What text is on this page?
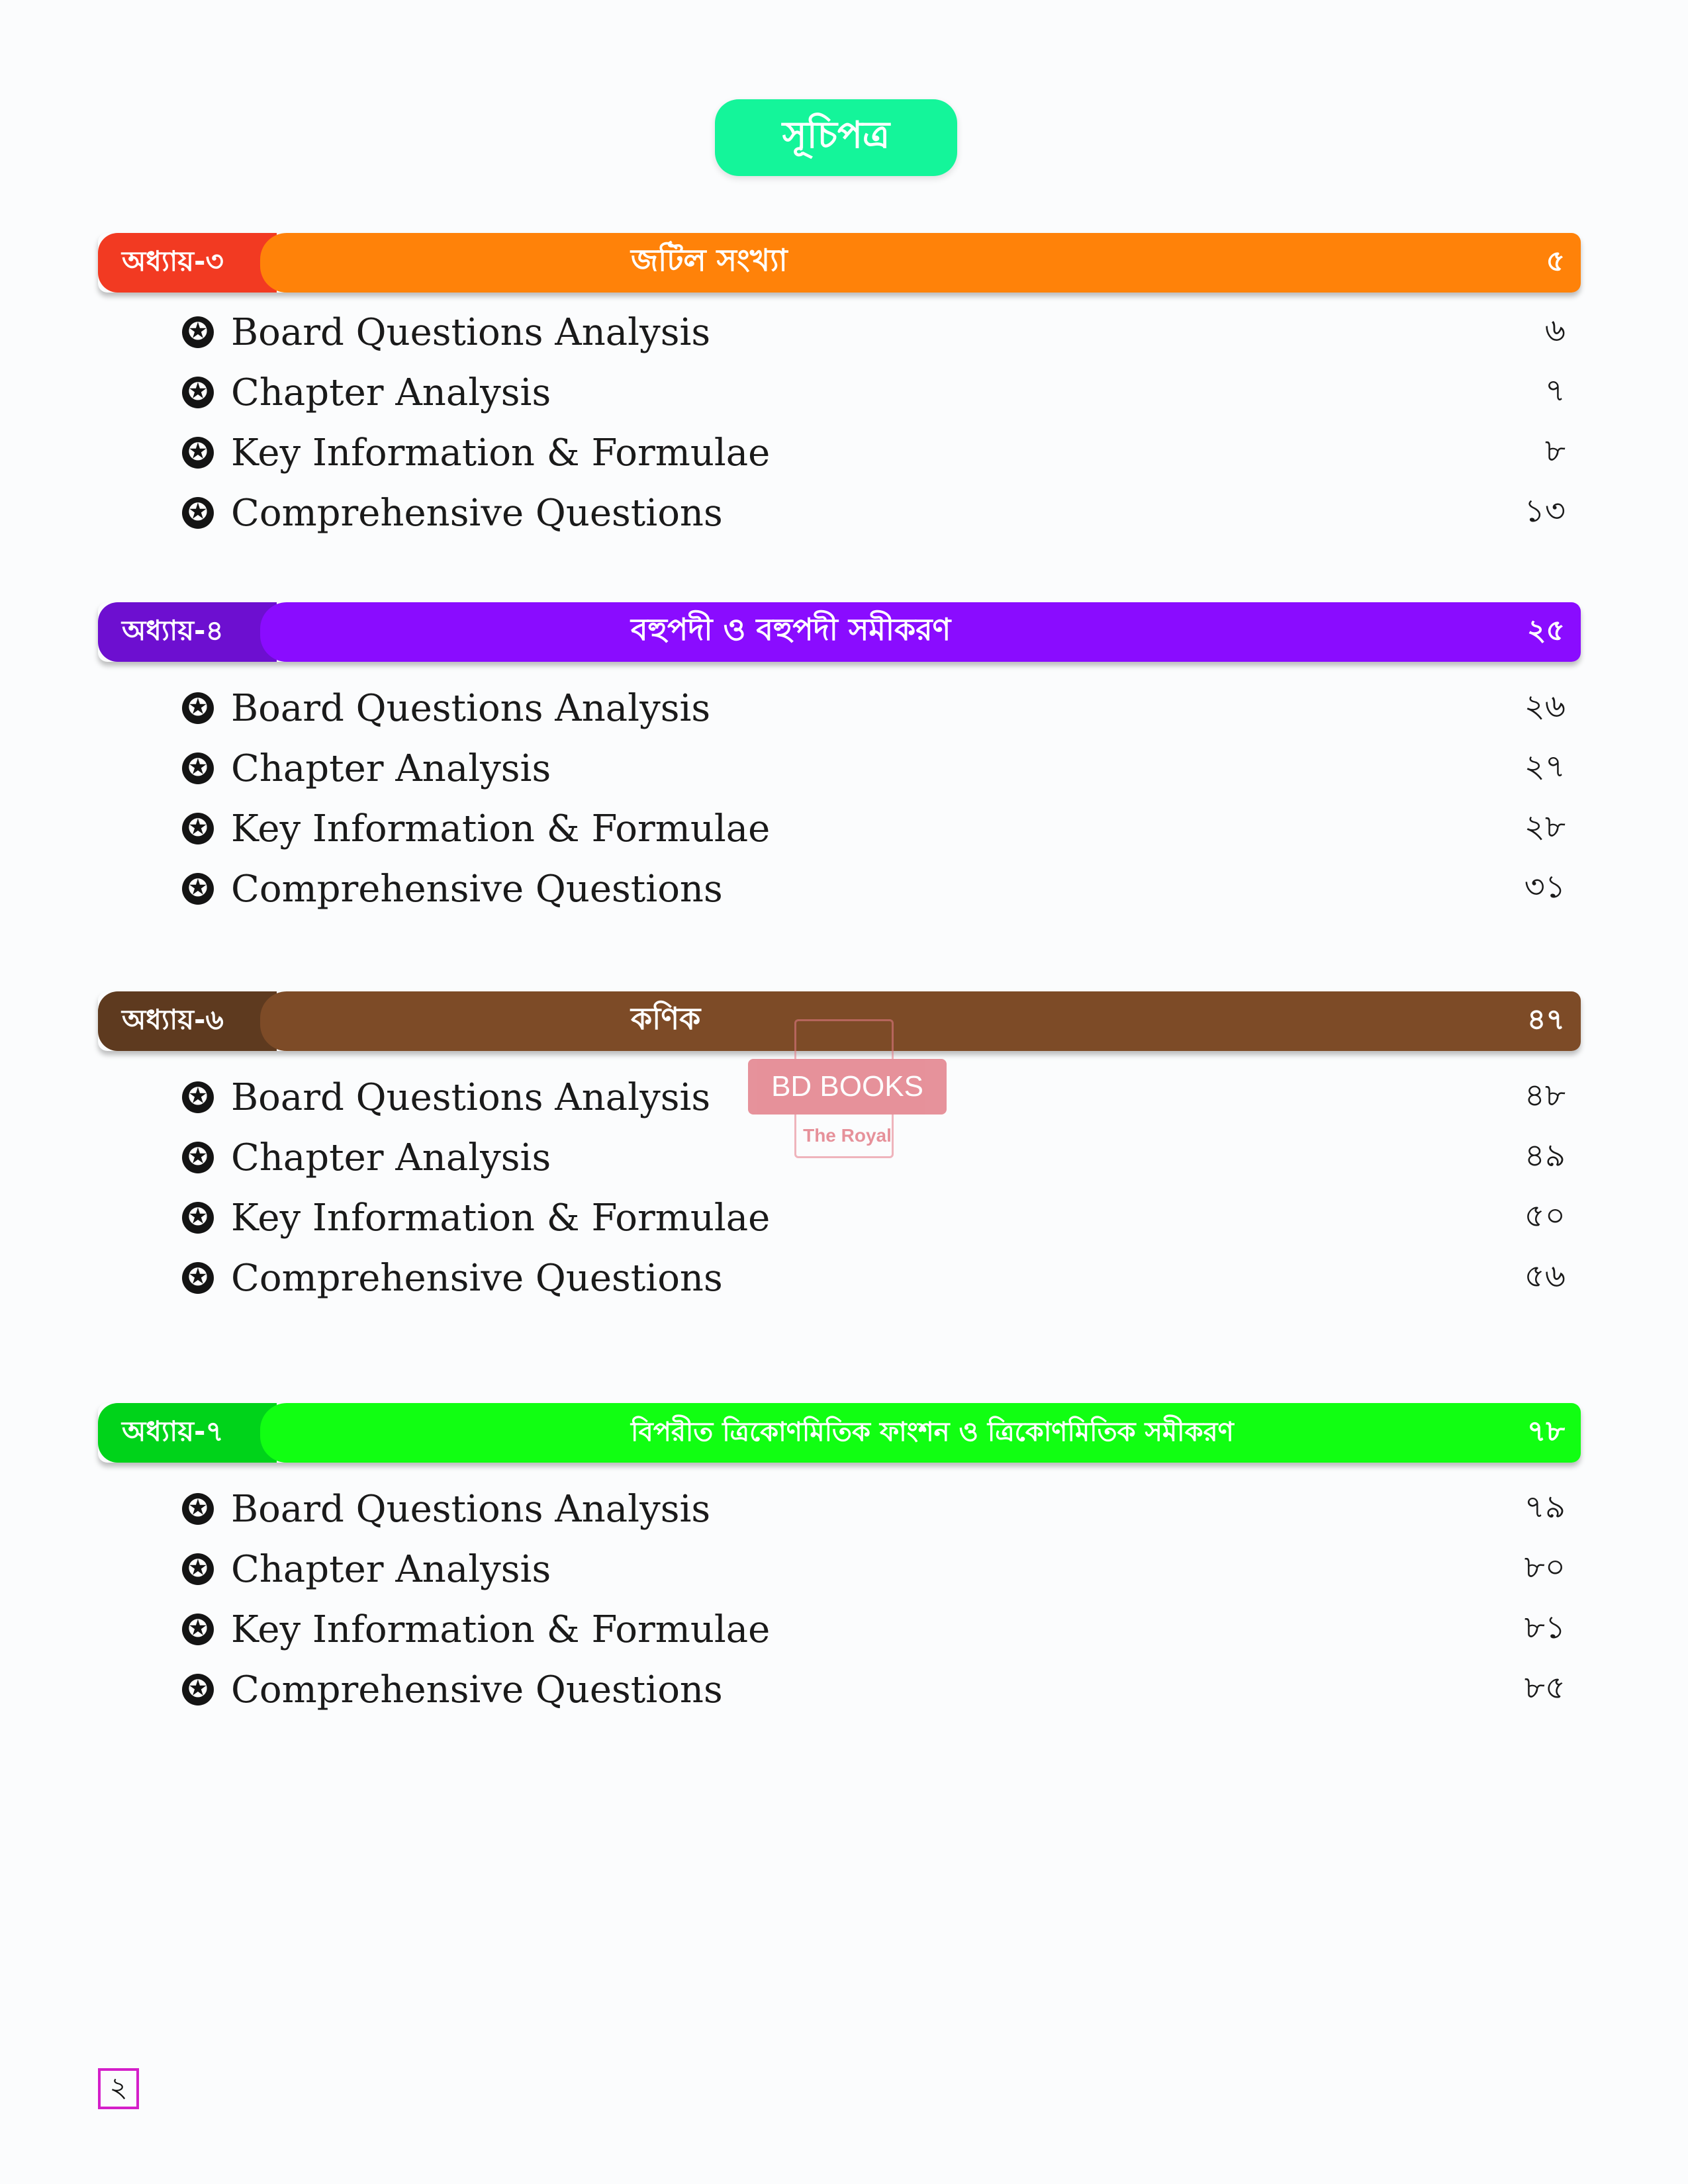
সূচিপত্র
অধ্যায়-৩	জটিল সংখ্যা	৫
✪ Board Questions Analysis	৬
✪ Chapter Analysis	৭
✪ Key Information & Formulae	৮
✪ Comprehensive Questions	১৩
অধ্যায়-৪	বহুপদী ও বহুপদী সমীকরণ	২৫
✪ Board Questions Analysis	২৬
✪ Chapter Analysis	২৭
✪ Key Information & Formulae	২৮
✪ Comprehensive Questions	৩১
অধ্যায়-৬	কণিক	৪৭
✪ Board Questions Analysis	৪৮
✪ Chapter Analysis	৪৯
✪ Key Information & Formulae	৫০
✪ Comprehensive Questions	৫৬
অধ্যায়-৭	বিপরীত ত্রিকোণমিতিক ফাংশন ও ত্রিকোণমিতিক সমীকরণ	৭৮
✪ Board Questions Analysis	৭৯
✪ Chapter Analysis	৮০
✪ Key Information & Formulae	৮১
✪ Comprehensive Questions	৮৫
BD BOOKS
The Royal
২
